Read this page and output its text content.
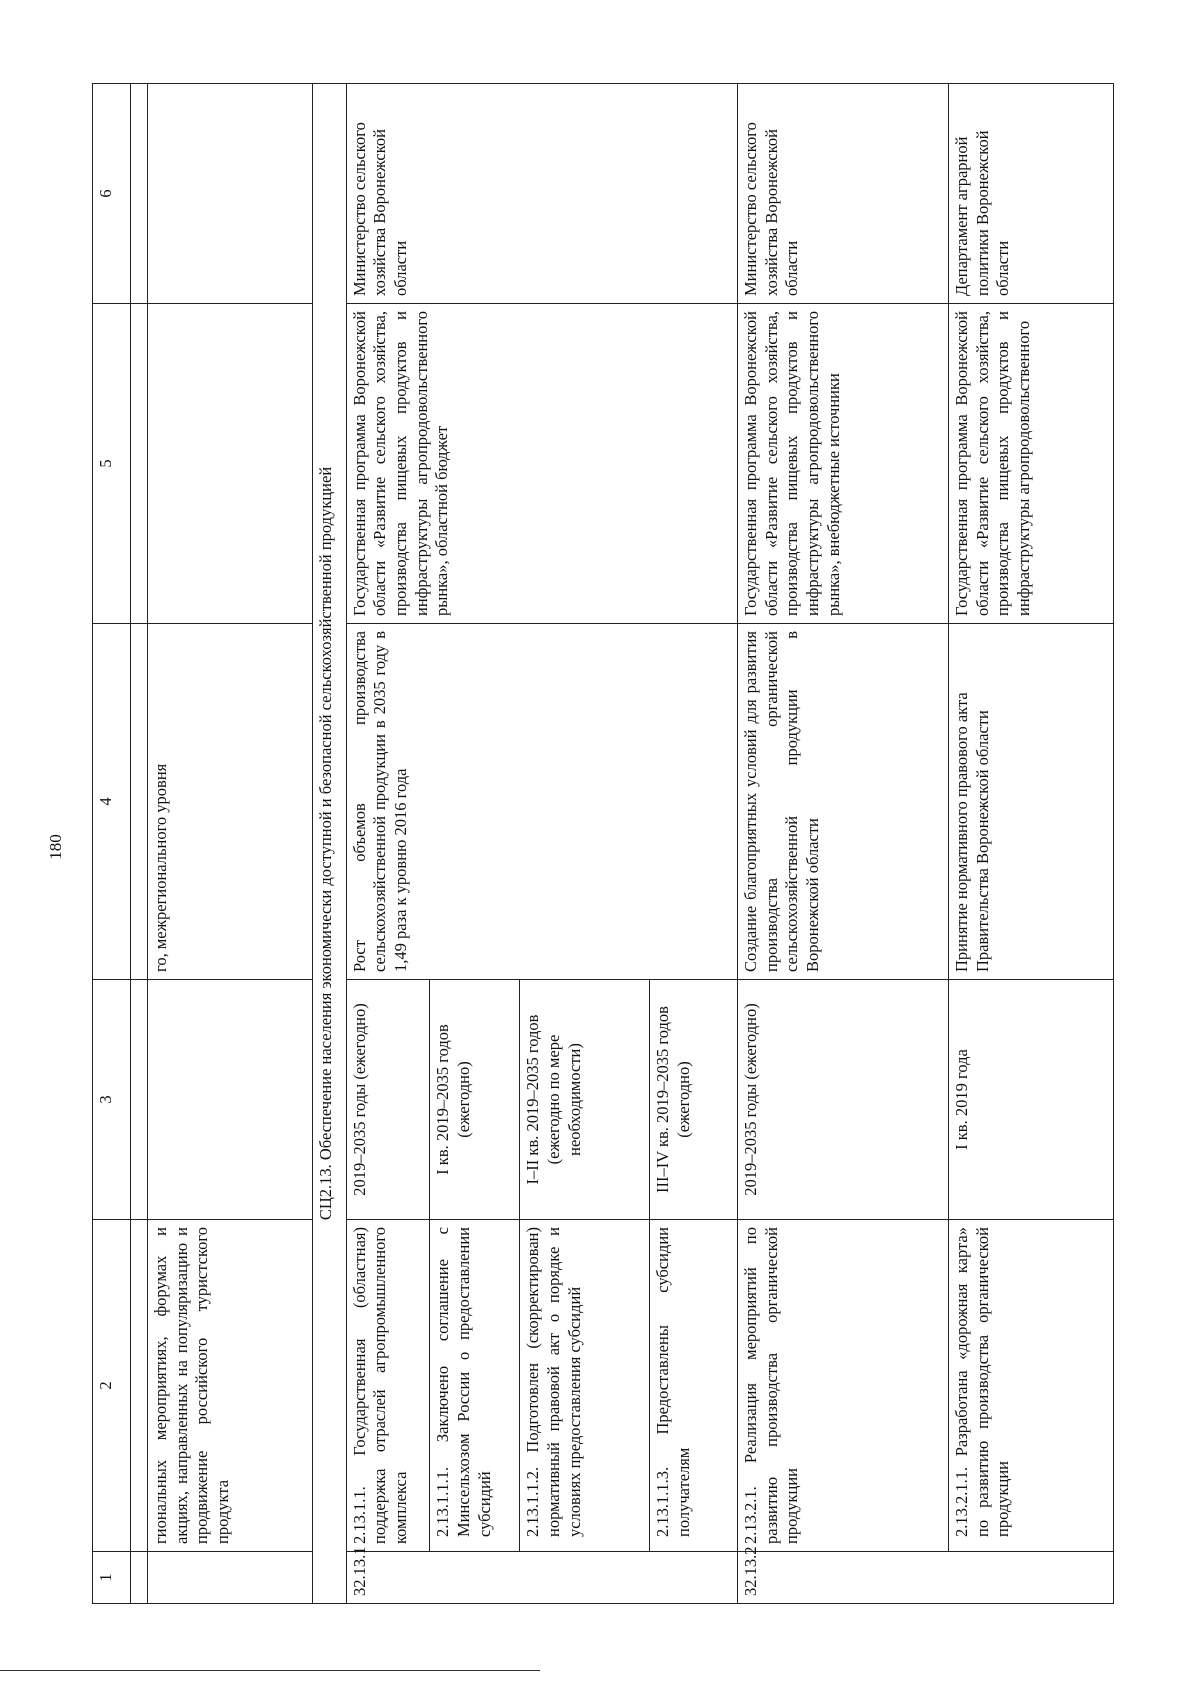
180
1	2	3	4	5	6

	гиональных мероприятиях, форумах и акциях, направленных на популяризацию и продвижение российского туристского продукта		го, межрегионального уровня		
СЦ2.13. Обеспечение населения экономически доступной и безопасной сельскохозяйственной продукцией					
32.13.1	2.13.1.1. Государственная (областная) поддержка отраслей агропромышленного комплекса	2019–2035 годы (ежегодно)	Рост объемов производства сельскохозяйственной продукции в 2035 году в 1,49 раза к уровню 2016 года	Государственная программа Воронежской области «Развитие сельского хозяйства, производства пищевых продуктов и инфраструктуры агропродовольственного рынка», областной бюджет	Министерство сельского хозяйства Воронежской области
	2.13.1.1.1. Заключено соглашение с Минсельхозом России о предоставлении субсидий	I кв. 2019–2035 годов (ежегодно)			
	2.13.1.1.2. Подготовлен (скорректирован) нормативный правовой акт о порядке и условиях предоставления субсидий	I–II кв. 2019–2035 годов (ежегодно по мере необходимости)			
	2.13.1.1.3. Предоставлены субсидии получателям	III–IV кв. 2019–2035 годов (ежегодно)			
32.13.2	2.13.2.1. Реализация мероприятий по развитию производства органической продукции	2019–2035 годы (ежегодно)	Создание благоприятных условий для развития производства органической сельскохозяйственной продукции в Воронежской области	Государственная программа Воронежской области «Развитие сельского хозяйства, производства пищевых продуктов и инфраструктуры агропродовольственного рынка», внебюджетные источники	Министерство сельского хозяйства Воронежской области
	2.13.2.1.1. Разработана «дорожная карта» по развитию производства органической продукции	I кв. 2019 года	Принятие нормативного правового акта Правительства Воронежской области	Государственная программа Воронежской области «Развитие сельского хозяйства, производства пищевых продуктов и инфраструктуры агропродовольственного	Департамент аграрной политики Воронежской области
